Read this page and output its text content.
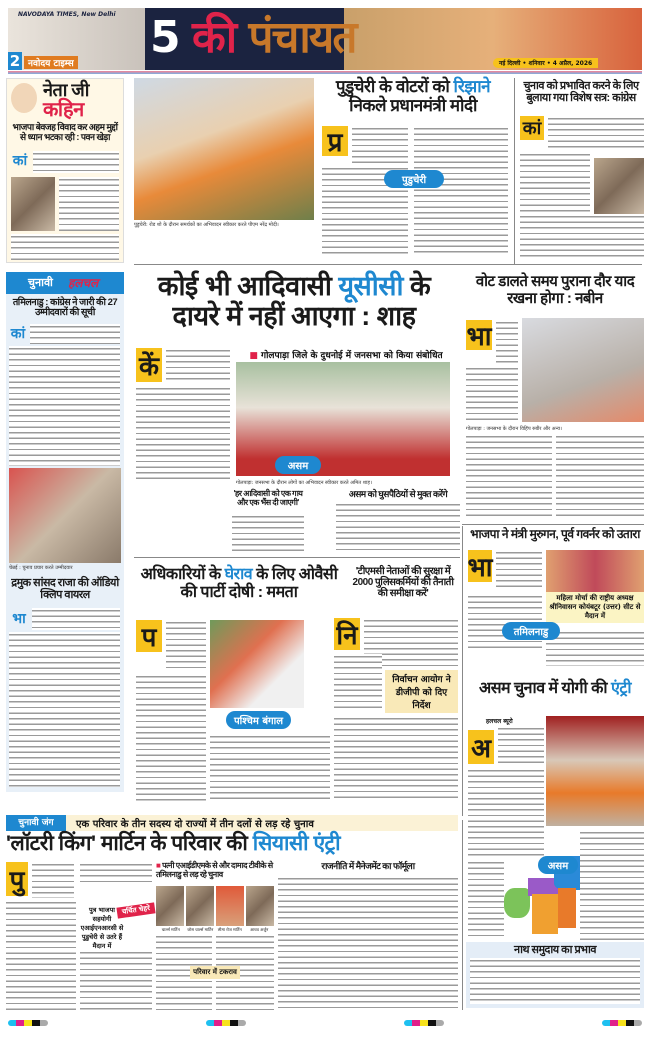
NAVODAYA TIMES, New Delhi
2 नवोदय टाइम्स
5 की पंचायत
नई दिल्ली • शनिवार • 4 अप्रैल, 2026
नेता जी
कहिन
भाजपा बेवजह विवाद कर अहम मुद्दों से ध्यान भटका रही : पवन खेड़ा
कां
चुनावी हलचल
तमिलनाडु : कांग्रेस ने जारी की 27 उम्मीदवारों की सूची
कां
चेन्नई : चुनाव प्रचार करते उम्मीदवार
द्रमुक सांसद राजा की ऑडियो क्लिप वायरल
भा
पुडुचेरी: रोड शो के दौरान समर्थकों का अभिवादन स्वीकार करते पीएम नरेंद्र मोदी।
पुडुचेरी के वोटरों को रिझाने
निकले प्रधानमंत्री मोदी
प्र
पुडुचेरी
चुनाव को प्रभावित करने के लिए बुलाया गया विशेष सत्र: कांग्रेस
कां
कोई भी आदिवासी यूसीसी के दायरे में नहीं आएगा : शाह
कें	■ गोलपाड़ा जिले के दुधनोई में जनसभा को किया संबोधित
असम
गोलपाड़ा: जनसभा के दौरान लोगों का अभिवादन स्वीकार करते अमित शाह।
'हर आदिवासी को एक गाय और एक भैंस दी जाएगी'
असम को घुसपैठियों से मुक्त करेंगे
वोट डालते समय पुराना दौर याद रखना होगा : नबीन
भा
गोलपाड़ा : जनसभा के दौरान विहिंप रुबीर और अन्य।
अधिकारियों के घेराव के लिए ओवैसी की पार्टी दोषी : ममता
प
पश्चिम बंगाल
'टीएमसी नेताओं की सुरक्षा में 2000 पुलिसकर्मियों की तैनाती की समीक्षा करें'
नि
निर्वाचन आयोग ने डीजीपी को दिए निर्देश
भाजपा ने मंत्री मुरुगन, पूर्व गवर्नर को उतारा
भा
महिला मोर्चा की राष्ट्रीय अध्यक्ष श्रीनिवासन कोयंबटूर (उत्तर) सीट से मैदान में
तमिलनाडु
असम चुनाव में योगी की एंट्री
हलचल ब्यूरो
अ
असम
नाथ समुदाय का प्रभाव
चुनावी जंग	एक परिवार के तीन सदस्य दो राज्यों में तीन दलों से लड़ रहे चुनाव
'लॉटरी किंग' मार्टिन के परिवार की सियासी एंट्री
पु
पुत्र भाजपा सहयोगी एआईएनआरसी से पुडुचेरी से उतरे हैं मैदान में
चर्चित चेहरे
■ पत्नी एआईडीएमके से और दामाद टीवीके से तमिलनाडु से लड़ रहे चुनाव
चार्ल्स मार्टिन	जोस चार्ल्स मार्टिन	लीमा रोज मार्टिन	आधव अर्जुन
परिवार में टकराव
राजनीति में मैनेजमेंट का फॉर्मूला
